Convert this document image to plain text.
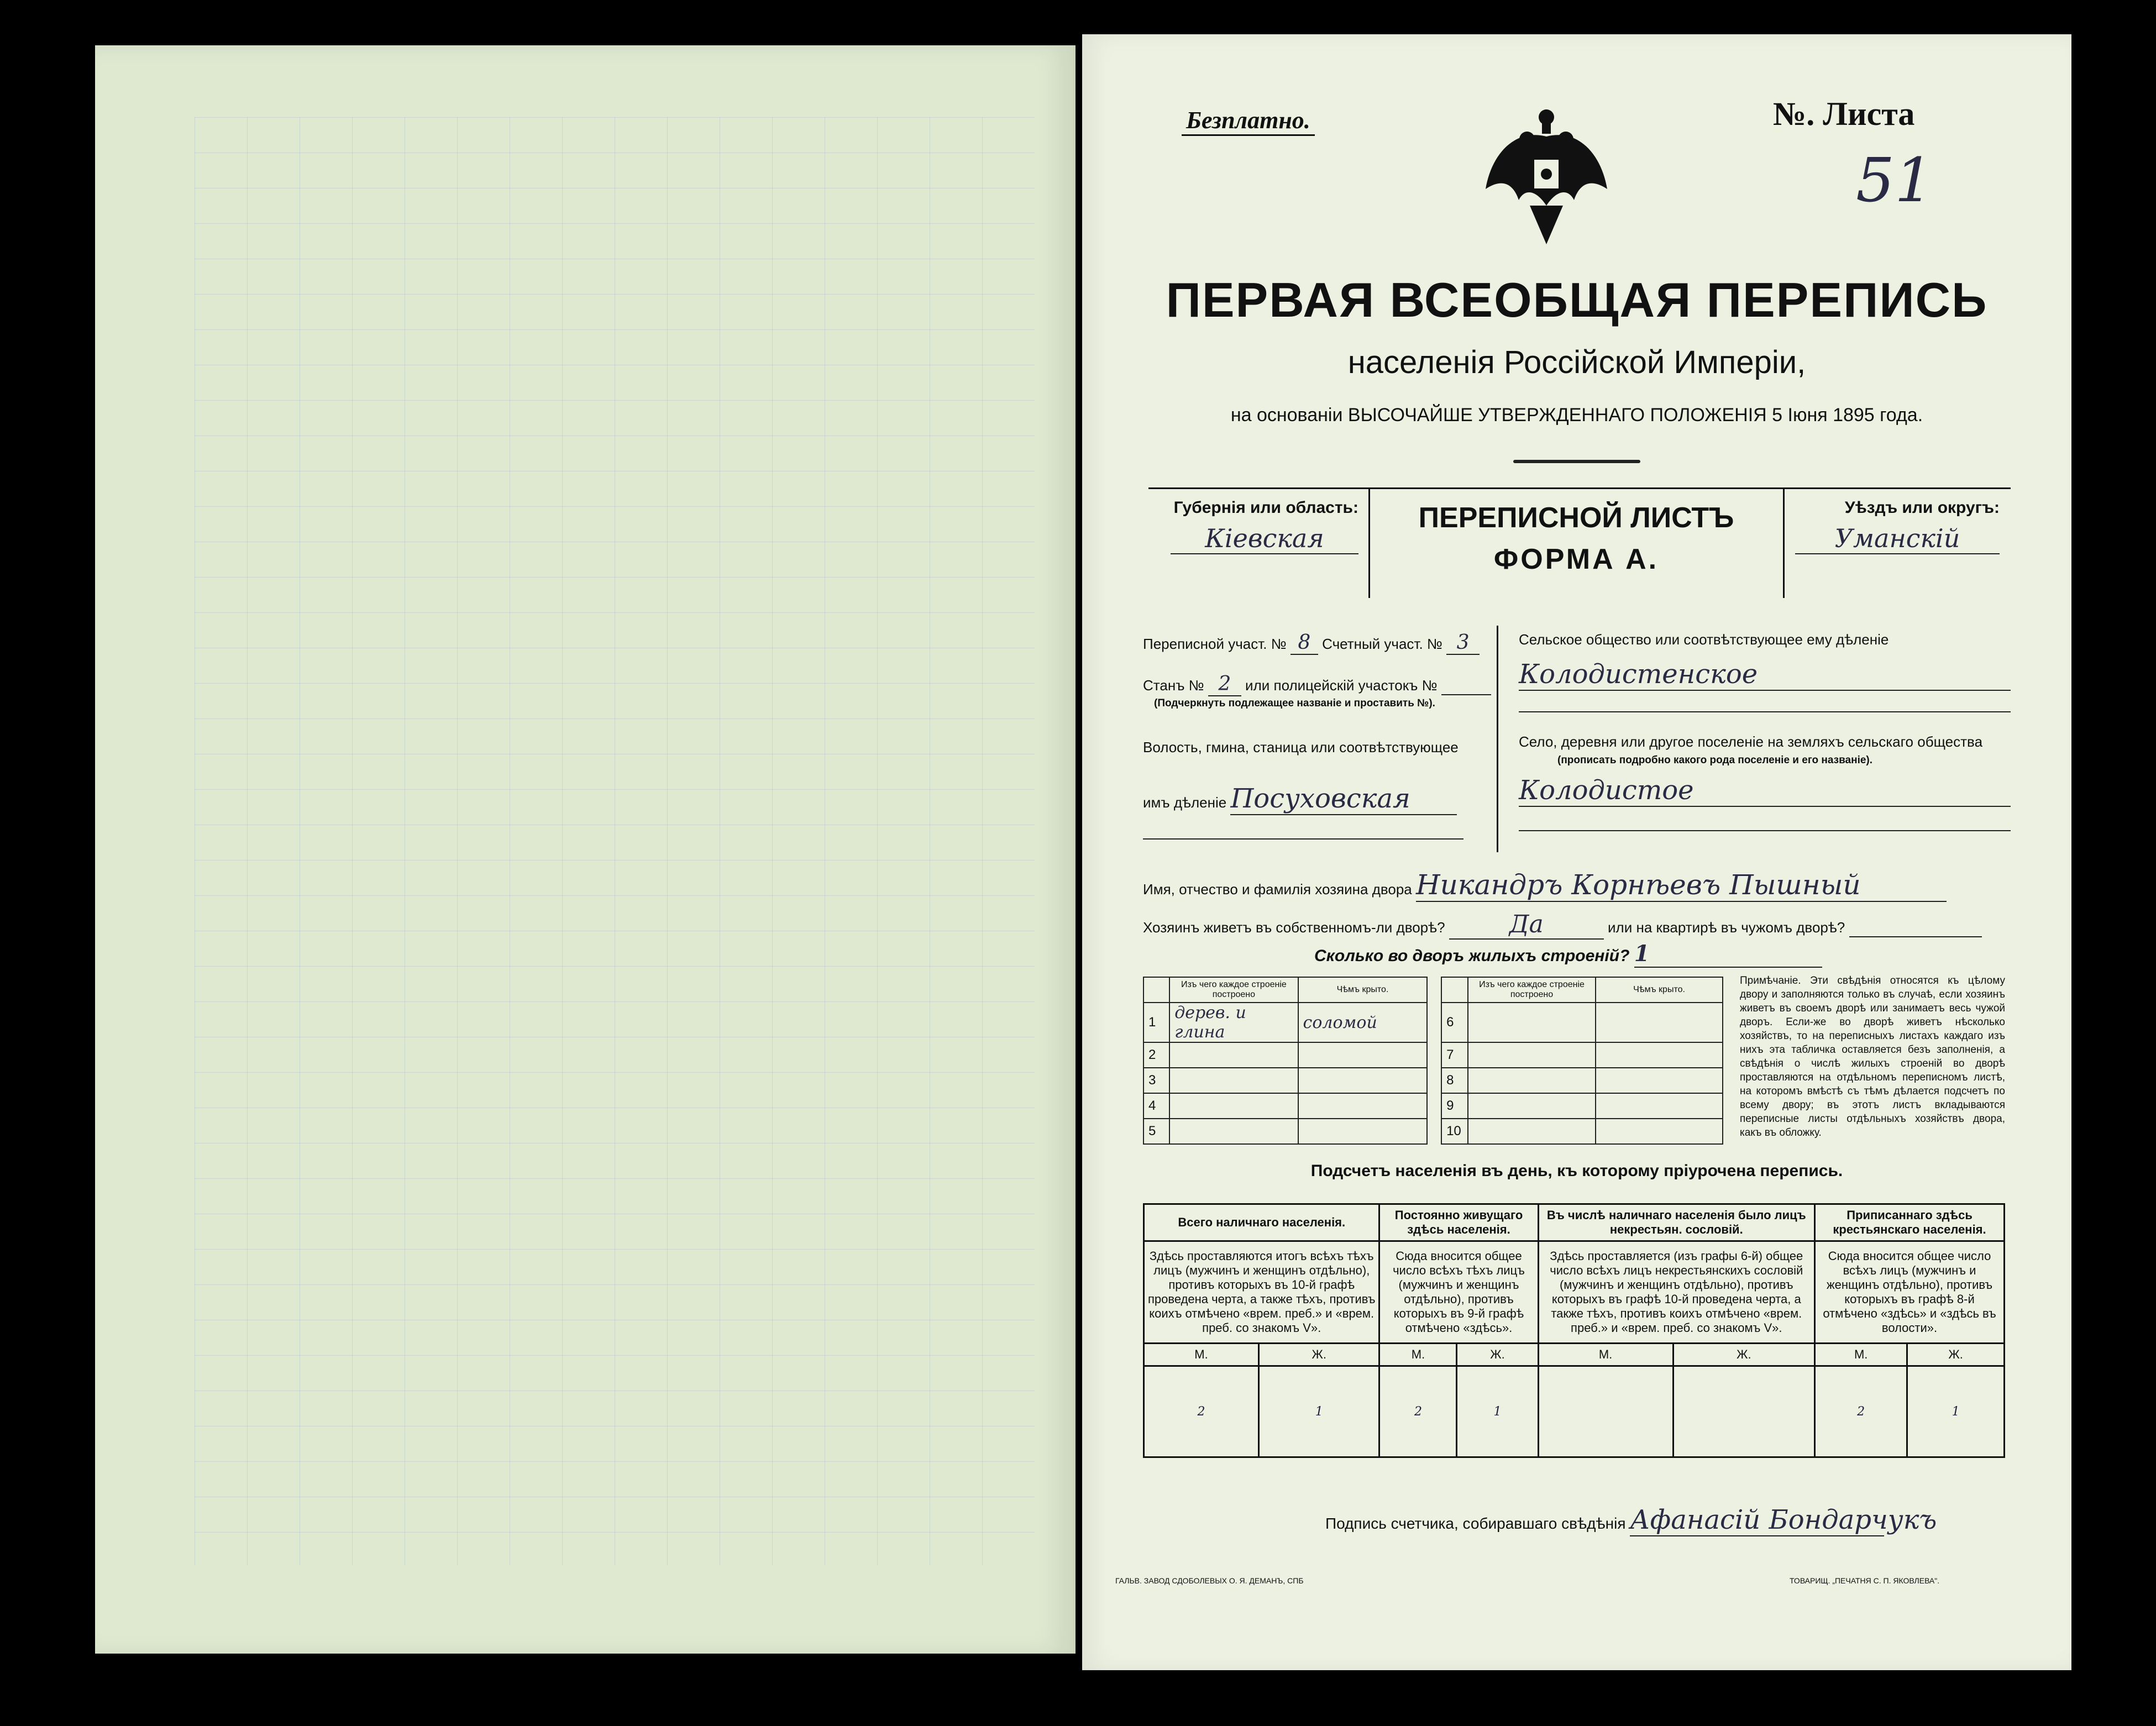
Безплатно.	№. Листа
51
ПЕРВАЯ ВСЕОБЩАЯ ПЕРЕПИСЬ
населенія Россійской Имперіи,
на основаніи ВЫСОЧАЙШЕ УТВЕРЖДЕННАГО ПОЛОЖЕНІЯ 5 Іюня 1895 года.
Губернія или область:
Кіевская
ПЕРЕПИСНОЙ ЛИСТЪ
ФОРМА А.
Уѣздъ или округъ:
Уманскій
Переписной участ. № 8 Счетный участ. № 3
Станъ № 2 или полицейскій участокъ №
(Подчеркнуть подлежащее названіе и проставить №).
Волость, гмина, станица или соотвѣтствующее
имъ дѣленіе Посуховская
Сельское общество или соотвѣтствующее ему дѣленіе
Колодистенское
Село, деревня или другое поселеніе на земляхъ сельскаго общества
(прописать подробно какого рода поселеніе и его названіе).
Колодистое
Имя, отчество и фамилія хозяина двора Никандръ Корнѣевъ Пышный
Хозяинъ живетъ въ собственномъ-ли дворѣ?	Да	или на квартирѣ въ чужомъ дворѣ?
Сколько во дворъ жилыхъ строеній? 1
	Изъ чего каждое строеніе построено	Чѣмъ крыто.			Изъ чего каждое строеніе построено	Чѣмъ крыто.
1	дерев. и глина	соломой		6		
2				7		
3				8		
4				9		
5				10		
Примѣчаніе. Эти свѣдѣнія относятся къ цѣлому двору и заполняются только въ случаѣ, если хозяинъ живетъ въ своемъ дворѣ или занимаетъ весь чужой дворъ. Если-же во дворѣ живетъ нѣсколько хозяйствъ, то на переписныхъ листахъ каждаго изъ нихъ эта табличка оставляется безъ заполненія, а свѣдѣнія о числѣ жилыхъ строеній во дворѣ проставляются на отдѣльномъ переписномъ листѣ, на которомъ вмѣстѣ съ тѣмъ дѣлается подсчетъ по всему двору; въ этотъ листъ вкладываются переписные листы отдѣльныхъ хозяйствъ двора, какъ въ обложку.
Подсчетъ населенія въ день, къ которому пріурочена перепись.
Всего наличнаго населенія.		Постоянно живущаго здѣсь населенія.		Въ числѣ наличнаго населенія было лицъ некрестьян. сословій.		Приписаннаго здѣсь крестьянскаго населенія.	
Здѣсь проставляются итогъ всѣхъ тѣхъ лицъ (мужчинъ и женщинъ отдѣльно), противъ которыхъ въ 10-й графѣ проведена черта, а также тѣхъ, противъ коихъ отмѣчено «врем. преб.» и «врем. преб. со знакомъ V».		Сюда вносится общее число всѣхъ тѣхъ лицъ (мужчинъ и женщинъ отдѣльно), противъ которыхъ въ 9-й графѣ отмѣчено «здѣсь».		Здѣсь проставляется (изъ графы 6-й) общее число всѣхъ лицъ некрестьянскихъ сословій (мужчинъ и женщинъ отдѣльно), противъ которыхъ въ графѣ 10-й проведена черта, а также тѣхъ, противъ коихъ отмѣчено «врем. преб.» и «врем. преб. со знакомъ V».		Сюда вносится общее число всѣхъ лицъ (мужчинъ и женщинъ отдѣльно), противъ которыхъ въ графѣ 8-й отмѣчено «здѣсь» и «здѣсь въ волости».	
М.	Ж.	М.	Ж.	М.	Ж.	М.	Ж.
2	1	2	1			2	1
Подпись счетчика, собиравшаго свѣдѣнія Афанасій Бондарчукъ
ГАЛЬВ. ЗАВОД СДОБОЛЕВЫХ О. Я. ДЕМАНЪ, СПБ	ТОВАРИЩ. „ПЕЧАТНЯ С. П. ЯКОВЛЕВА".
